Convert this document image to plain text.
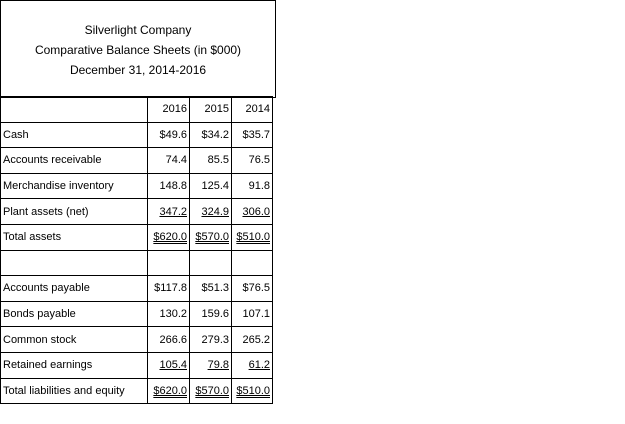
Silverlight Company
Comparative Balance Sheets (in $000)
December 31, 2014-2016
	2016	2015	2014
Cash	$49.6	$34.2	$35.7
Accounts receivable	74.4	85.5	76.5
Merchandise inventory	148.8	125.4	91.8
Plant assets (net)	347.2	324.9	306.0
Total assets	$620.0	$570.0	$510.0

Accounts payable	$117.8	$51.3	$76.5
Bonds payable	130.2	159.6	107.1
Common stock	266.6	279.3	265.2
Retained earnings	105.4	79.8	61.2
Total liabilities and equity	$620.0	$570.0	$510.0
